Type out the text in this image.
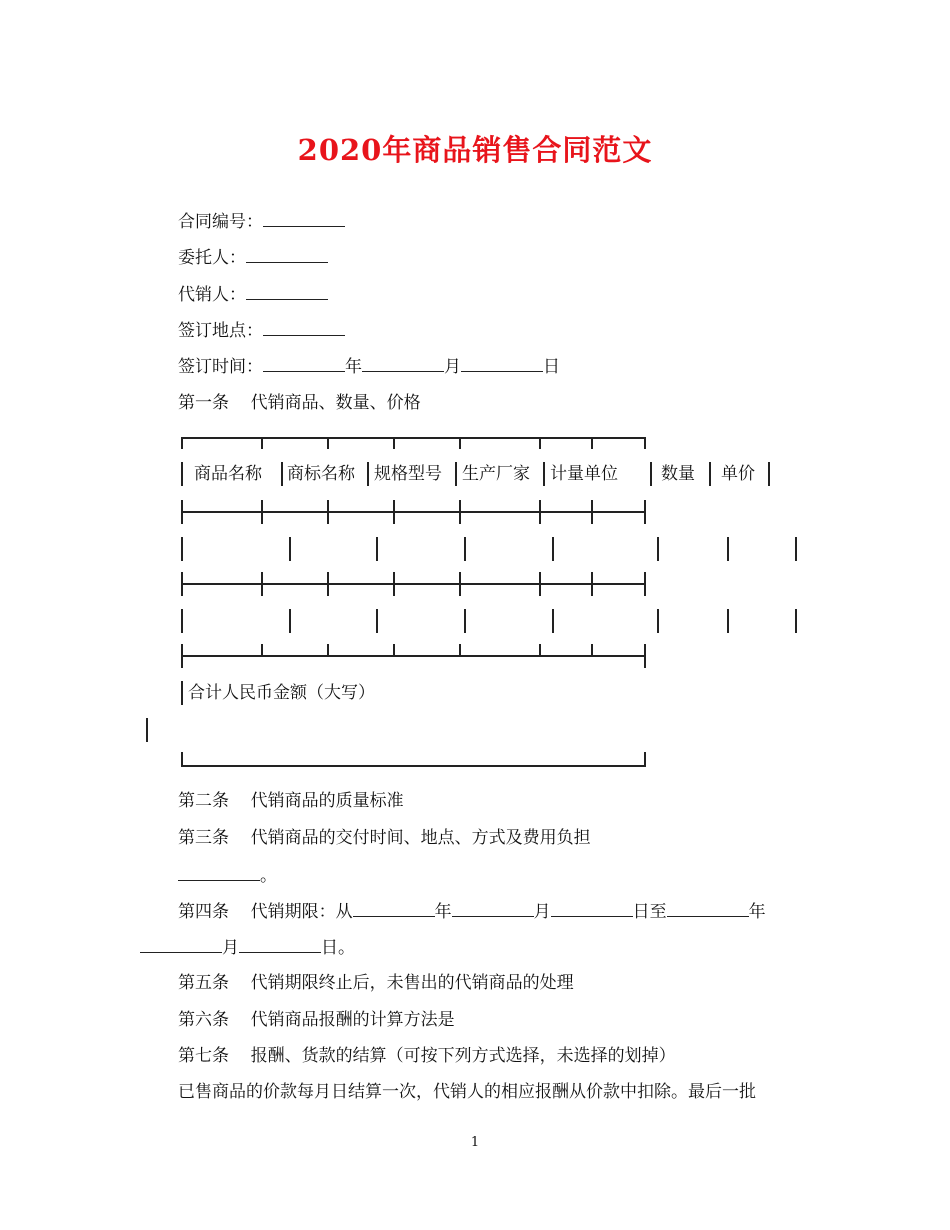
2020年商品销售合同范文
合同编号：
委托人：
代销人：
签订地点：
签订时间：	年	月	日
第一条 代销商品、数量、价格
商品名称 商标名称 规格型号 生产厂家 计量单位	数量 单价
合计人民币金额（大写）
第二条 代销商品的质量标准
第三条 代销商品的交付时间、地点、方式及费用负担
。
第四条 代销期限：从	年	月	日至	年
月	日。
第五条 代销期限终止后，未售出的代销商品的处理
第六条 代销商品报酬的计算方法是
第七条 报酬、货款的结算（可按下列方式选择，未选择的划掉）
已售商品的价款每月日结算一次，代销人的相应报酬从价款中扣除。最后一批
1
